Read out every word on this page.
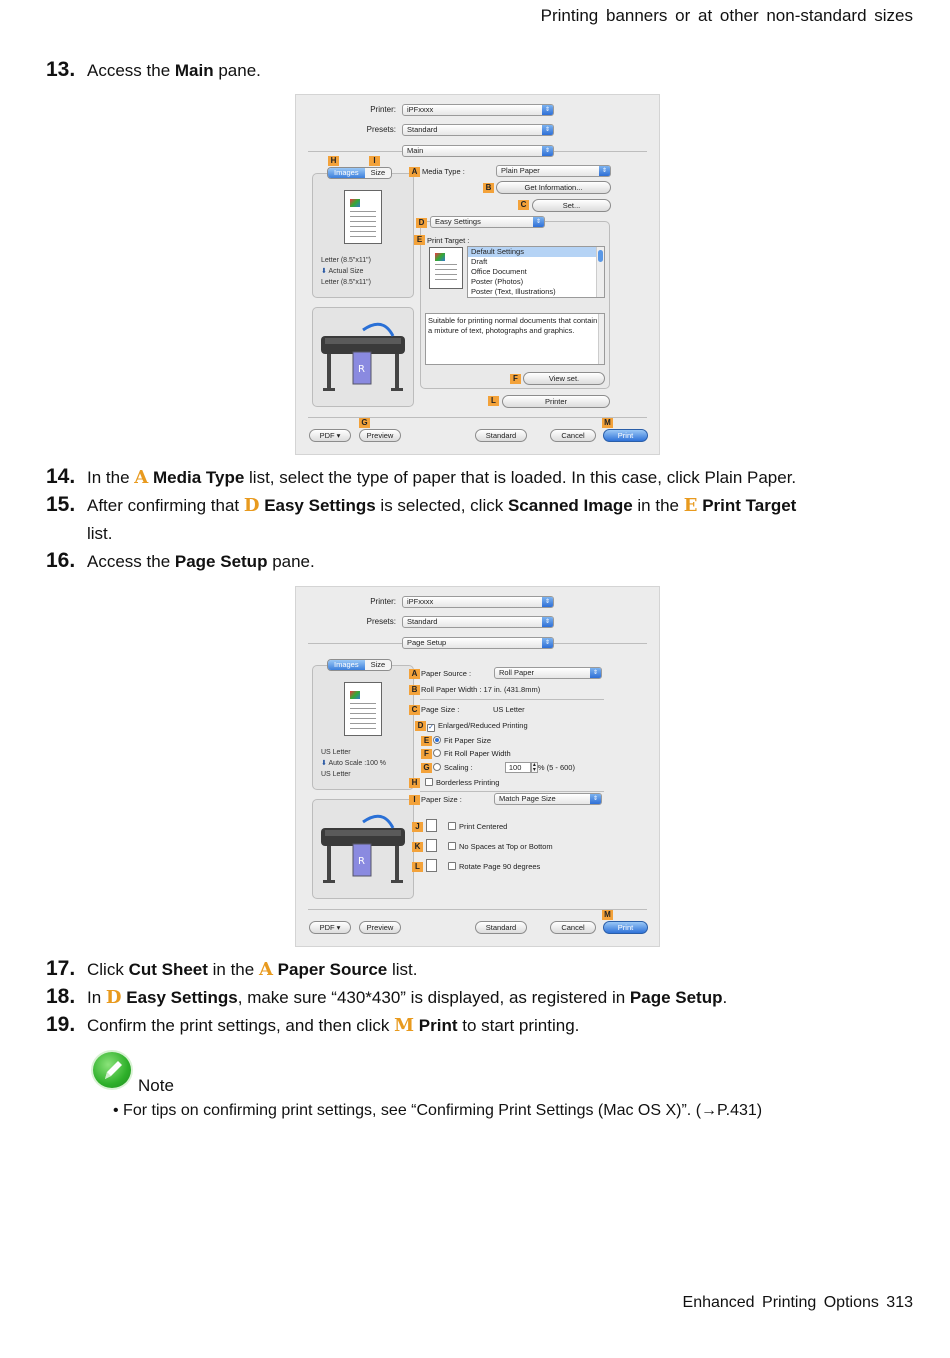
Printing banners or at other non-standard sizes
13. Access the Main pane.
Printer:	iPFxxxx	⇕
Presets:	Standard	⇕
Main	⇕
H	I
Images	Size
Letter (8.5"x11")
⬇ Actual Size
Letter (8.5"x11")
R
A Media Type :	Plain Paper	⇕
B	Get Information...
C	Set...
D	Easy Settings	⇕
E Print Target :
Default Settings
Draft
Office Document
Poster (Photos)
Poster (Text, Illustrations)
Suitable for printing normal documents that contain a mixture of text, photographs and graphics.
F	View set.
L	Printer
G	M
PDF ▾	Preview	Standard	Cancel	Print
14. In the A Media Type list, select the type of paper that is loaded. In this case, click Plain Paper.
15. After confirming that D Easy Settings is selected, click Scanned Image in the E Print Target
list.
16. Access the Page Setup pane.
Printer:	iPFxxxx	⇕
Presets:	Standard	⇕
Page Setup	⇕
Images	Size
US Letter
⬇ Auto Scale :100 %
US Letter
R
A Paper Source :	Roll Paper	⇕
B Roll Paper Width : 17 in. (431.8mm)
C Page Size :	US Letter
D ✓ Enlarged/Reduced Printing
E	Fit Paper Size
F	Fit Roll Paper Width
G	Scaling :	100 ▴
▾ % (5 - 600)
H	Borderless Printing
I Paper Size :	Match Page Size	⇕
J	Print Centered
K	No Spaces at Top or Bottom
L	Rotate Page 90 degrees
M
PDF ▾	Preview	Standard	Cancel	Print
17. Click Cut Sheet in the A Paper Source list.
18. In D Easy Settings, make sure “430*430” is displayed, as registered in Page Setup.
19. Confirm the print settings, and then click M Print to start printing.
Note
• For tips on confirming print settings, see “Confirming Print Settings (Mac OS X)”. (→P.431)
Enhanced Printing Options 313
